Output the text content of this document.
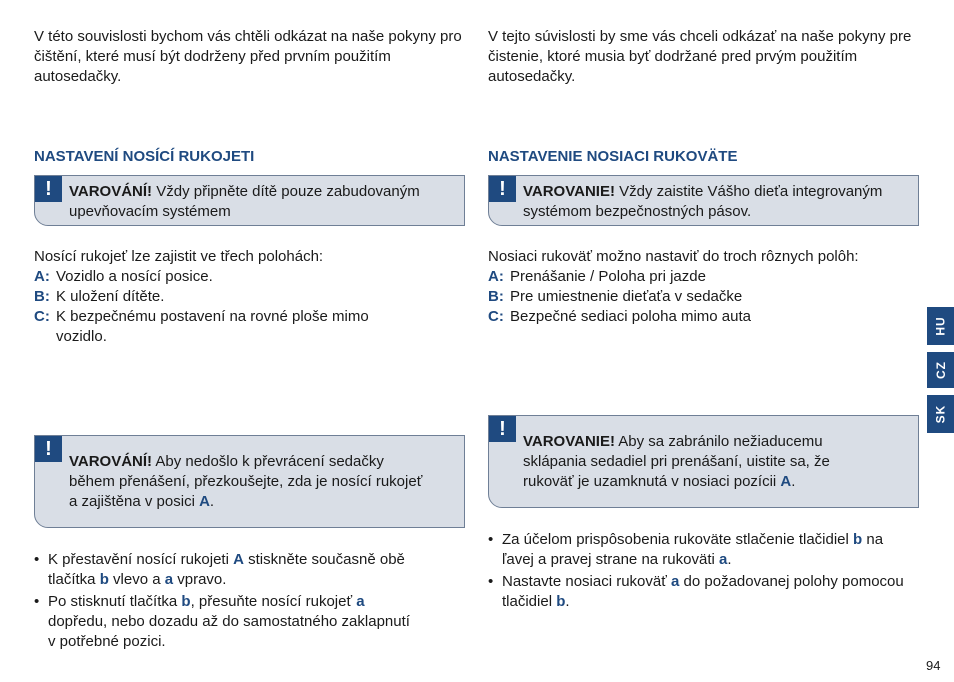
V této souvislosti bychom vás chtěli odkázat na naše pokyny pro čištění, které musí být dodrženy před prvním použitím autosedačky.
NASTAVENÍ NOSÍCÍ RUKOJETI
!	VAROVÁNÍ! Vždy připněte dítě pouze zabudovaným upevňovacím systémem
Nosící rukojeť lze zajistit ve třech polohách:
A: Vozidlo a nosící posice.
B: K uložení dítěte.
C: K bezpečnému postavení na rovné ploše mimo vozidlo.
!
VAROVÁNÍ! Aby nedošlo k převrácení sedačky během přenášení, přezkoušejte, zda je nosící rukojeť a zajištěna v posici A.
• K přestavění nosící rukojeti A stiskněte současně obě tlačítka b vlevo a a vpravo.
• Po stisknutí tlačítka b, přesuňte nosící rukojeť a dopředu, nebo dozadu až do samostatného zaklapnutí v potřebné pozici.
V tejto súvislosti by sme vás chceli odkázať na naše pokyny pre čistenie, ktoré musia byť dodržané pred prvým použitím autosedačky.
NASTAVENIE NOSIACI RUKOVÄTE
!	VAROVANIE! Vždy zaistite Vášho dieťa integrovaným systémom bezpečnostných pásov.
Nosiaci rukoväť možno nastaviť do troch rôznych polôh:
A: Prenášanie / Poloha pri jazde
B: Pre umiestnenie dieťaťa v sedačke
C: Bezpečné sediaci poloha mimo auta
!
VAROVANIE! Aby sa zabránilo nežiaducemu sklápania sedadiel pri prenášaní, uistite sa, že rukoväť je uzamknutá v nosiaci pozícii A.
• Za účelom prispôsobenia rukoväte stlačenie tlačidiel b na ľavej a pravej strane na rukoväti a.
• Nastavte nosiaci rukoväť a do požadovanej polohy pomocou tlačidiel b.
HU
CZ
SK
94
